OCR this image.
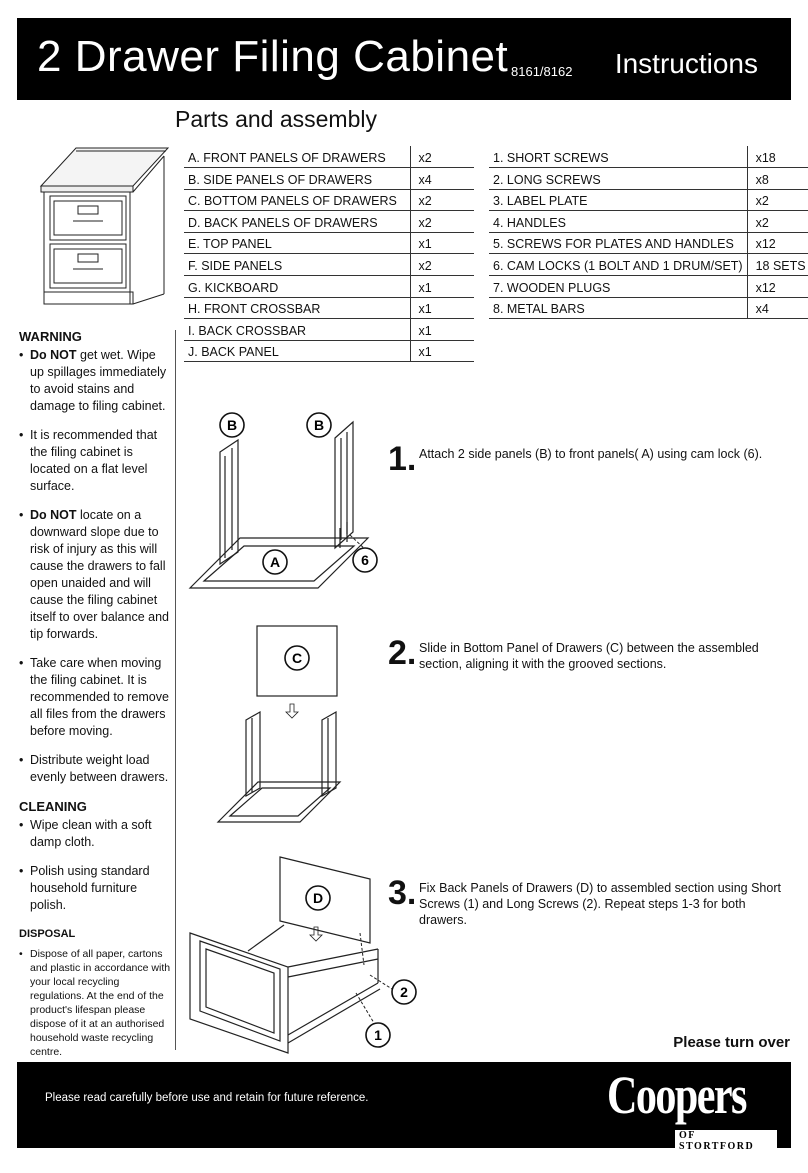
2 Drawer Filing Cabinet 8161/8162 Instructions
Parts and assembly
A. FRONT PANELS OF DRAWERS	x2
B. SIDE PANELS OF DRAWERS	x4
C. BOTTOM PANELS OF DRAWERS	x2
D. BACK PANELS OF DRAWERS	x2
E. TOP PANEL	x1
F. SIDE PANELS	x2
G. KICKBOARD	x1
H. FRONT CROSSBAR	x1
I. BACK CROSSBAR	x1
J. BACK PANEL	x1
1. SHORT SCREWS	x18
2. LONG SCREWS	x8
3. LABEL PLATE	x2
4. HANDLES	x2
5. SCREWS FOR PLATES AND HANDLES	x12
6. CAM LOCKS (1 BOLT AND 1 DRUM/SET)	18 SETS
7. WOODEN PLUGS	x12
8. METAL BARS	x4
WARNING
• Do NOT get wet. Wipe up spillages immediately to avoid stains and damage to filing cabinet.
• It is recommended that the filing cabinet is located on a flat level surface.
• Do NOT locate on a downward slope due to risk of injury as this will cause the drawers to fall open unaided and will cause the filing cabinet itself to over balance and tip forwards.
• Take care when moving the filing cabinet. It is recommended to remove all files from the drawers before moving.
• Distribute weight load evenly between drawers.
CLEANING
• Wipe clean with a soft damp cloth.
• Polish using standard household furniture polish.
DISPOSAL
• Dispose of all paper, cartons and plastic in accordance with your local recycling regulations. At the end of the product's lifespan please dispose of it at an authorised household waste recycling centre.
B	B
A	6
C
D
2
1
1. Attach 2 side panels (B) to front panels( A) using cam lock (6).
2. Slide in Bottom Panel of Drawers (C) between the assembled section, aligning it with the grooved sections.
3. Fix Back Panels of Drawers (D) to assembled section using Short Screws (1) and Long Screws (2). Repeat steps 1-3 for both drawers.
Please turn over
Please read carefully before use and retain for future reference.	Coopers
OF STORTFORD
